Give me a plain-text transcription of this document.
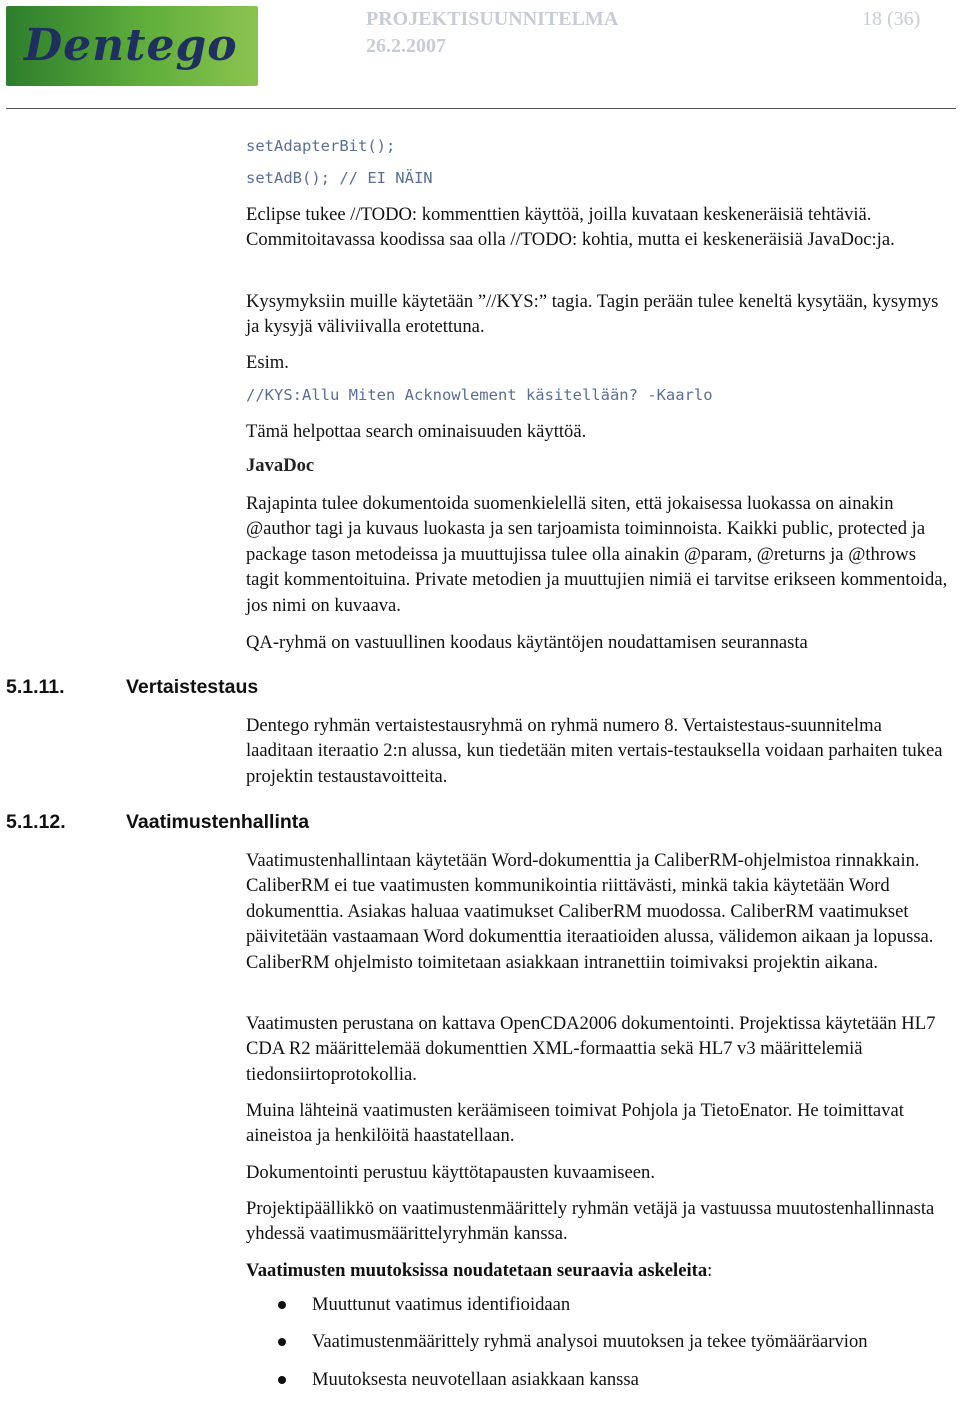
Dentego
PROJEKTISUUNNITELMA
26.2.2007
18 (36)
setAdapterBit();
setAdB(); // EI NÄIN

Eclipse tukee //TODO: kommenttien käyttöä, joilla kuvataan keskeneräisiä tehtäviä. Commitoitavassa koodissa saa olla //TODO: kohtia, mutta ei keskeneräisiä JavaDoc:ja.

Kysymyksiin muille käytetään ”//KYS:” tagia. Tagin perään tulee keneltä kysytään, kysymys ja kysyjä väliviivalla erotettuna.

Esim.

//KYS:Allu Miten Acknowlement käsitellään? -Kaarlo

Tämä helpottaa search ominaisuuden käyttöä.

JavaDoc

Rajapinta tulee dokumentoida suomenkielellä siten, että jokaisessa luokassa on ainakin @author tagi ja kuvaus luokasta ja sen tarjoamista toiminnoista. Kaikki public, protected ja package tason metodeissa ja muuttujissa tulee olla ainakin @param, @returns ja @throws tagit kommentoituina. Private metodien ja muuttujien nimiä ei tarvitse erikseen kommentoida, jos nimi on kuvaava.

QA-ryhmä on vastuullinen koodaus käytäntöjen noudattamisen seurannasta

5.1.11.	Vertaistestaus

Dentego ryhmän vertaistestausryhmä on ryhmä numero 8. Vertaistestaus-suunnitelma laaditaan iteraatio 2:n alussa, kun tiedetään miten vertais-testauksella voidaan parhaiten tukea projektin testaustavoitteita.

5.1.12.	Vaatimustenhallinta

Vaatimustenhallintaan käytetään Word-dokumenttia ja CaliberRM-ohjelmistoa rinnakkain. CaliberRM ei tue vaatimusten kommunikointia riittävästi, minkä takia käytetään Word dokumenttia. Asiakas haluaa vaatimukset CaliberRM muodossa. CaliberRM vaatimukset päivitetään vastaamaan Word dokumenttia iteraatioiden alussa, välidemon aikaan ja lopussa. CaliberRM ohjelmisto toimitetaan asiakkaan intranettiin toimivaksi projektin aikana.

Vaatimusten perustana on kattava OpenCDA2006 dokumentointi. Projektissa käytetään HL7 CDA R2 määrittelemää dokumenttien XML-formaattia sekä HL7 v3 määrittelemiä tiedonsiirtoprotokollia.

Muina lähteinä vaatimusten keräämiseen toimivat Pohjola ja TietoEnator. He toimittavat aineistoa ja henkilöitä haastatellaan.

Dokumentointi perustuu käyttötapausten kuvaamiseen.

Projektipäällikkö on vaatimustenmäärittely ryhmän vetäjä ja vastuussa muutostenhallinnasta yhdessä vaatimusmäärittelyryhmän kanssa.

Vaatimusten muutoksissa noudatetaan seuraavia askeleita:

Muuttunut vaatimus identifioidaan
Vaatimustenmäärittely ryhmä analysoi muutoksen ja tekee työmääräarvion
Muutoksesta neuvotellaan asiakkaan kanssa
